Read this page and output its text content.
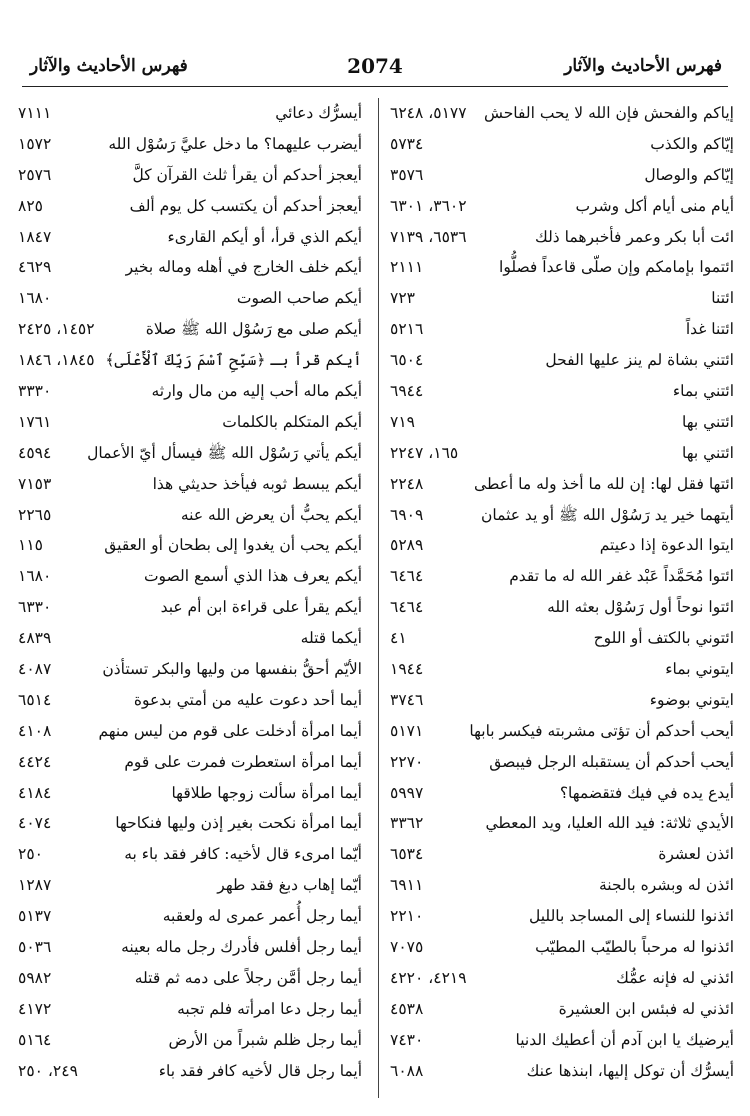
فهرس الأحاديث والآثار
2074
فهرس الأحاديث والآثار
إياكم والفحش فإن الله لا يحب الفاحش
٥١٧٧، ٦٢٤٨
إيّاكم والكذب
٥٧٣٤
إيّاكم والوصال
٣٥٧٦
أيام منى أيام أكل وشرب
٣٦٠٢، ٦٣٠١
ائت أبا بكر وعمر فأخبرهما ذلك
٦٥٣٦، ٧١٣٩
ائتموا بإمامكم وإن صلّى قاعداً فصلُّوا
٢١١١
ائتنا
٧٢٣
ائتنا غداً
٥٢١٦
ائتني بشاة لم ينز عليها الفحل
٦٥٠٤
ائتني بماء
٦٩٤٤
ائتني بها
٧١٩
ائتني بها
١٦٥، ٢٢٤٧
ائتها فقل لها: إن لله ما أخذ وله ما أعطى
٢٢٤٨
أيتهما خير يد رَسُوْل الله ﷺ أو يد عثمان
٦٩٠٩
ايتوا الدعوة إذا دعيتم
٥٢٨٩
ائتوا مُحَمَّداً عَبْد غفر الله له ما تقدم
٦٤٦٤
ائتوا نوحاً أول رَسُوْل بعثه الله
٦٤٦٤
ائتوني بالكتف أو اللوح
٤١
ايتوني بماء
١٩٤٤
ايتوني بوضوء
٣٧٤٦
أيحب أحدكم أن تؤتى مشربته فيكسر بابها
٥١٧١
أيحب أحدكم أن يستقبله الرجل فيبصق
٢٢٧٠
أيدع يده في فيك فتقضمها؟
٥٩٩٧
الأيدي ثلاثة: فيد الله العليا، ويد المعطي
٣٣٦٢
ائذن لعشرة
٦٥٣٤
ائذن له وبشره بالجنة
٦٩١١
ائذنوا للنساء إلى المساجد بالليل
٢٢١٠
ائذنوا له مرحباً بالطيّب المطيّب
٧٠٧٥
ائذني له فإنه عمُّك
٤٢١٩، ٤٢٢٠
ائذني له فبئس ابن العشيرة
٤٥٣٨
أيرضيك يا ابن آدم أن أعطيك الدنيا
٧٤٣٠
أيسرُّك أن توكل إليها، ابنذها عنك
٦٠٨٨
أيسرُّك دعائي
٧١١١
أيضرب عليهما؟ ما دخل عليَّ رَسُوْل الله
١٥٧٢
أيعجز أحدكم أن يقرأ ثلث القرآن كلَّ
٢٥٧٦
أيعجز أحدكم أن يكتسب كل يوم ألف
٨٢٥
أيكم الذي قرأ، أو أيكم القارىء
١٨٤٧
أيكم خلف الخارج في أهله وماله بخير
٤٦٢٩
أيكم صاحب الصوت
١٦٨٠
أيكم صلى مع رَسُوْل الله ﷺ صلاة
١٤٥٢، ٢٤٢٥
أيكم قرأ بـ ﴿سَبِّحِ ٱسْمَ رَبِّكَ ٱلْأَعْلَى﴾
١٨٤٥، ١٨٤٦
أيكم ماله أحب إليه من مال وارثه
٣٣٣٠
أيكم المتكلم بالكلمات
١٧٦١
أيكم يأتي رَسُوْل الله ﷺ فيسأل أيّ الأعمال
٤٥٩٤
أيكم يبسط ثوبه فيأخذ حديثي هذا
٧١٥٣
أيكم يحبُّ أن يعرض الله عنه
٢٢٦٥
أيكم يحب أن يغدوا إلى بطحان أو العقيق
١١٥
أيكم يعرف هذا الذي أسمع الصوت
١٦٨٠
أيكم يقرأ على قراءة ابن أم عبد
٦٣٣٠
أيكما قتله
٤٨٣٩
الأيّم أحقُّ بنفسها من وليها والبكر تستأذن
٤٠٨٧
أيما أحد دعوت عليه من أمتي بدعوة
٦٥١٤
أيما امرأة أدخلت على قوم من ليس منهم
٤١٠٨
أيما امرأة استعطرت فمرت على قوم
٤٤٢٤
أيما امرأة سألت زوجها طلاقها
٤١٨٤
أيما امرأة نكحت بغير إذن وليها فنكاحها
٤٠٧٤
أيّما امرىء قال لأخيه: كافر فقد باء به
٢٥٠
أيّما إهاب دبغ فقد طهر
١٢٨٧
أيما رجل أُعمر عمرى له ولعقبه
٥١٣٧
أيما رجل أفلس فأدرك رجل ماله بعينه
٥٠٣٦
أيما رجل أمَّن رجلاً على دمه ثم قتله
٥٩٨٢
أيما رجل دعا امرأته فلم تجبه
٤١٧٢
أيما رجل ظلم شبراً من الأرض
٥١٦٤
أيما رجل قال لأخيه كافر فقد باء
٢٤٩، ٢٥٠
